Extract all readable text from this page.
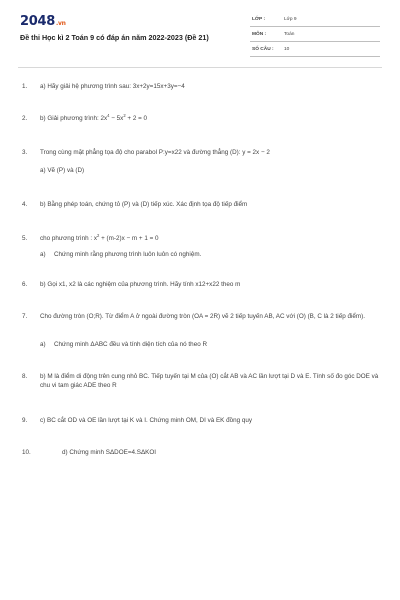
2048.vn
Đề thi Học kì 2 Toán 9 có đáp án năm 2022-2023 (Đề 21)
LỚP :	Lớp 9
MÔN :	Toán
SỐ CÂU : 10
1. a) Hãy giải hệ phương trình sau: 3x+2y=15x+3y=−4
2. b) Giải phương trình: $2x^4 - 5x^2 + 2 = 0$
3. Trong cùng mặt phẳng tọa độ cho parabol P:y=x22 và đường thẳng (D): y = 2x − 2
a) Vẽ (P) và (D)
4. b) Bằng phép toán, chứng tỏ (P) và (D) tiếp xúc. Xác định tọa độ tiếp điểm
5. cho phương trình : $x^2 + (m-2)x - m + 1 = 0$
a) Chứng minh rằng phương trình luôn luôn có nghiệm.
6. b) Gọi x1, x2 là các nghiệm của phương trình. Hãy tính x12+x22 theo m
7. Cho đường tròn (O;R). Từ điểm A ở ngoài đường tròn (OA = 2R) vẽ 2 tiếp tuyến AB, AC với (O) (B, C là 2 tiếp điểm).
a) Chứng minh ΔABC đều và tính diện tích của nó theo R
8. b) M là điểm di động trên cung nhỏ BC. Tiếp tuyến tại M của (O) cắt AB và AC lần lượt tại D và E. Tính số đo góc DOE và chu vi tam giác ADE theo R
9. c) BC cắt OD và OE lần lượt tại K và I. Chứng minh OM, DI và EK đồng quy
10.	d) Chứng minh SΔDOE=4.SΔKOI
